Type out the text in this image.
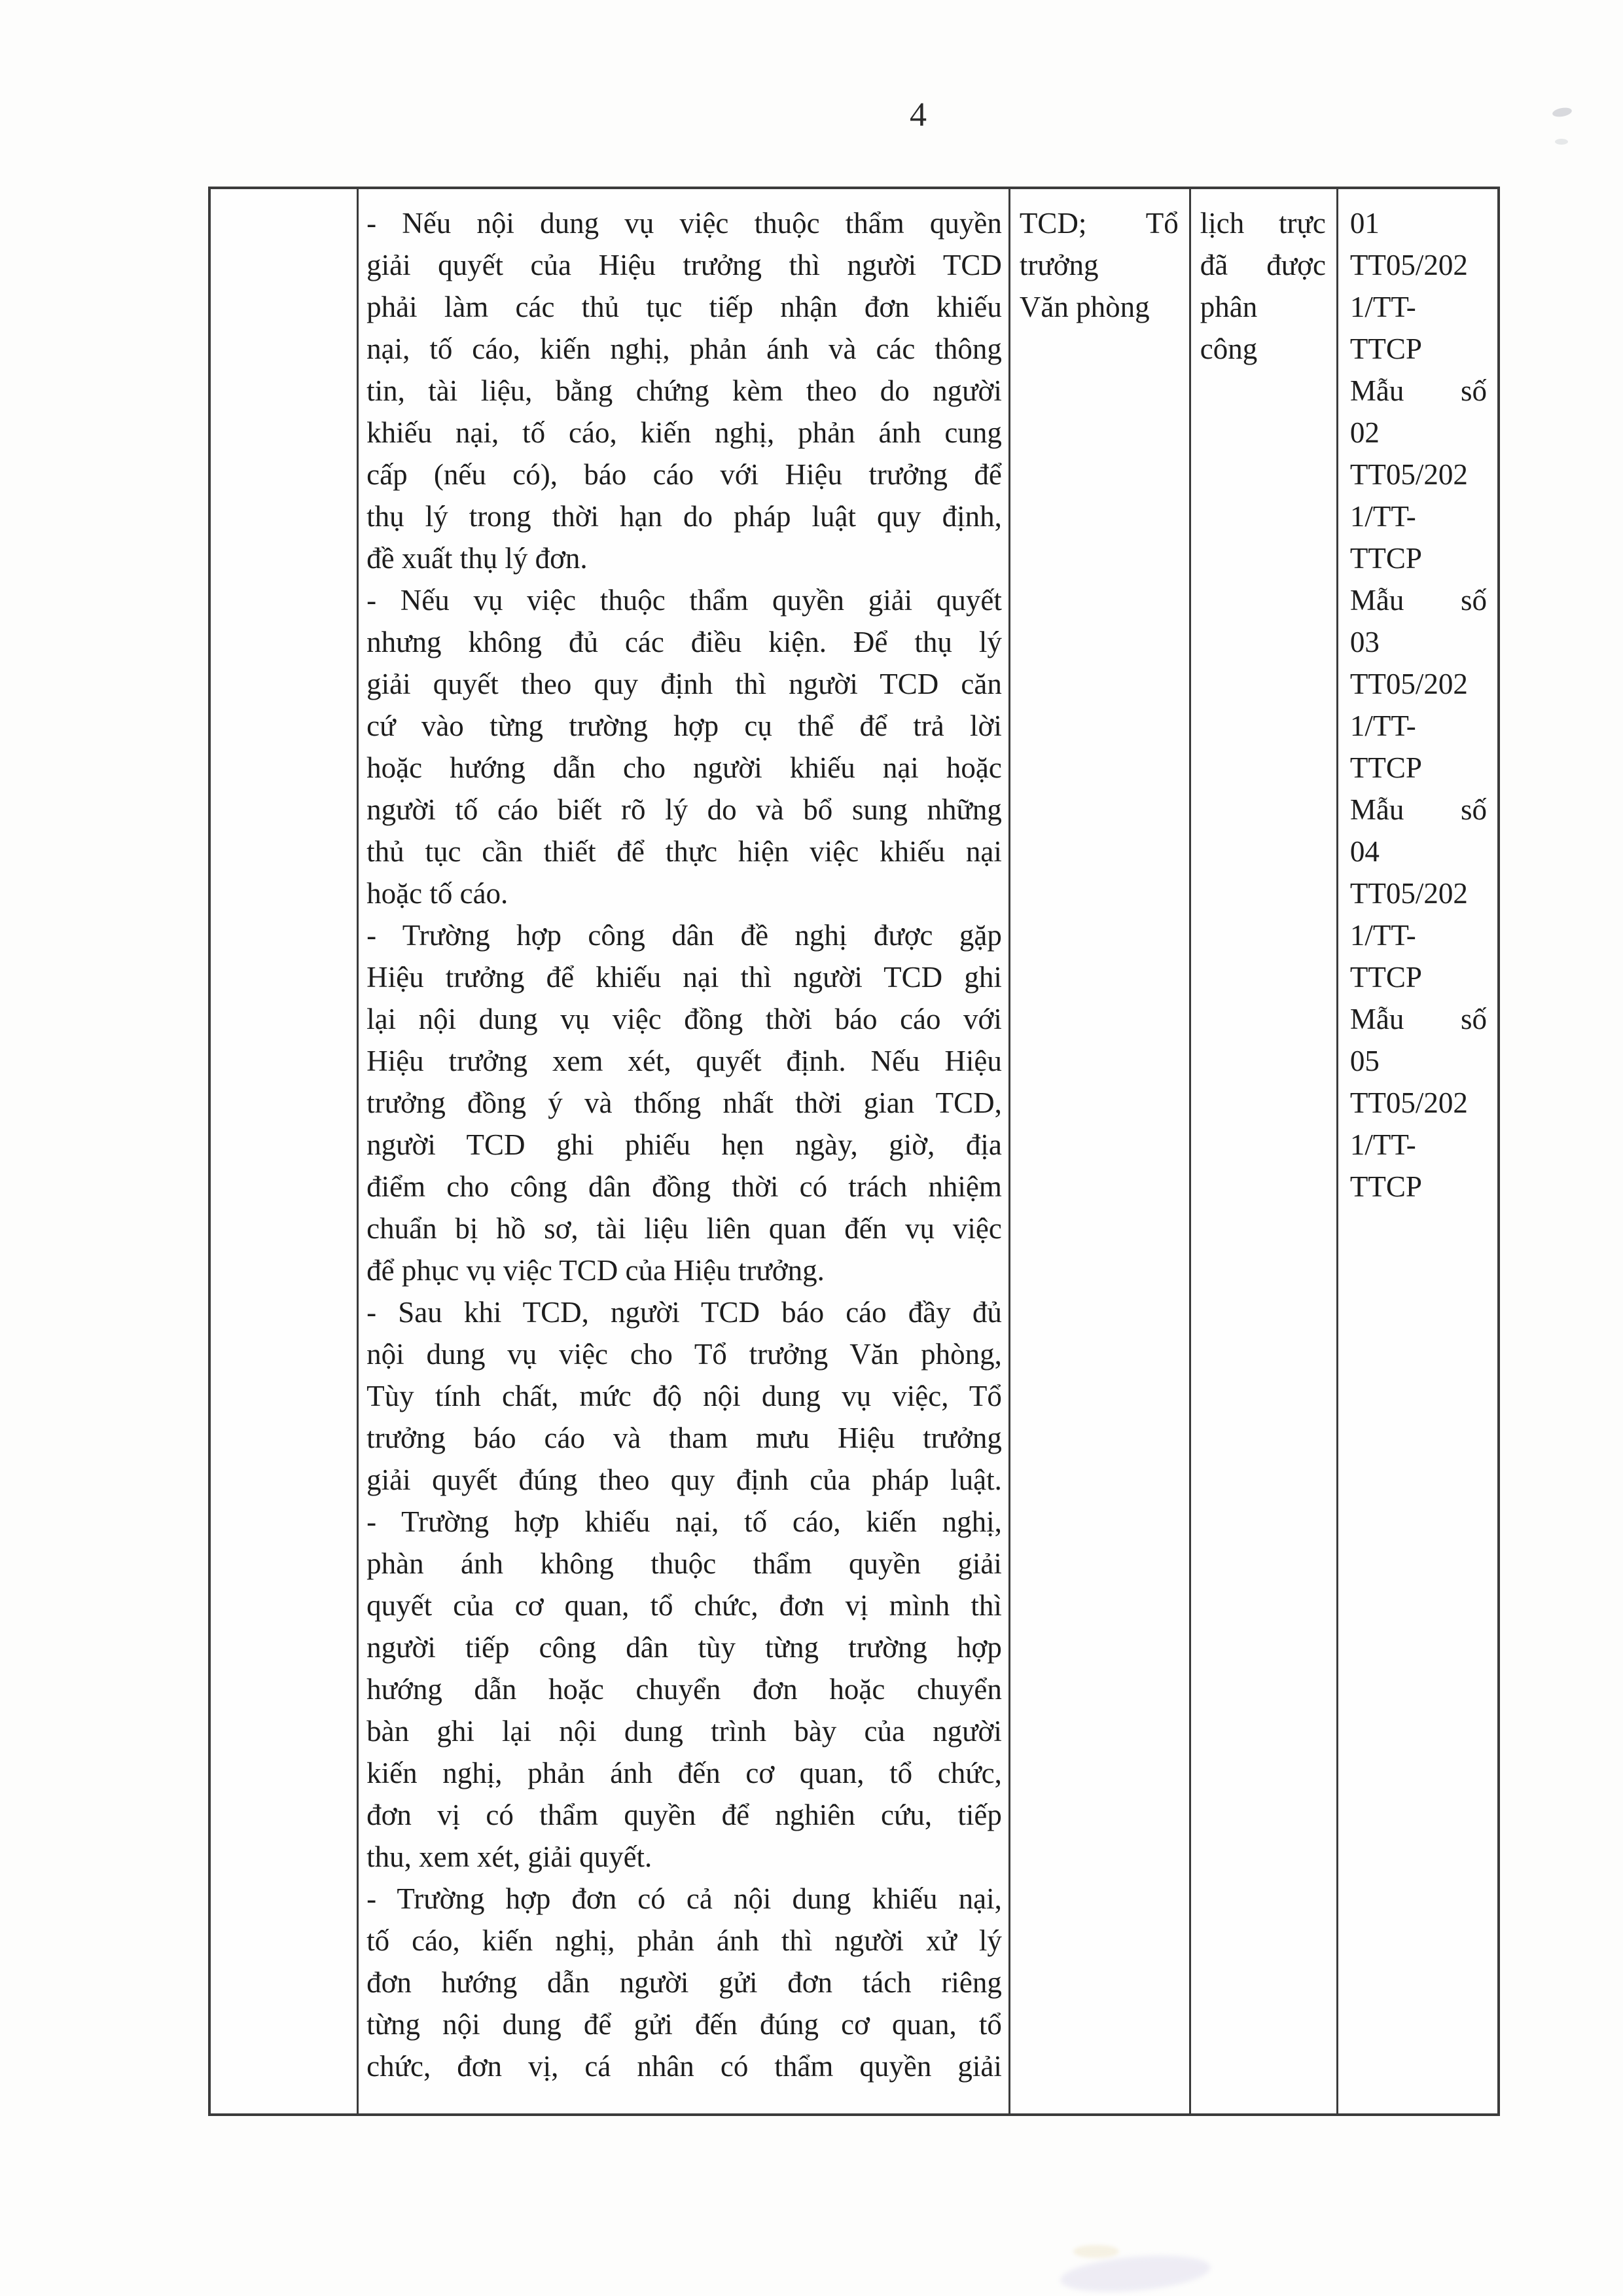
4
- Nếu nội dung vụ việc thuộc thẩm quyền
giải quyết của Hiệu trưởng thì người TCD
phải làm các thủ tục tiếp nhận đơn khiếu
nại, tố cáo, kiến nghị, phản ánh và các thông
tin, tài liệu, bằng chứng kèm theo do người
khiếu nại, tố cáo, kiến nghị, phản ánh cung
cấp (nếu có), báo cáo với Hiệu trưởng để
thụ lý trong thời hạn do pháp luật quy định,
đề xuất thụ lý đơn.
- Nếu vụ việc thuộc thẩm quyền giải quyết
nhưng không đủ các điều kiện. Để thụ lý
giải quyết theo quy định thì người TCD căn
cứ vào từng trường hợp cụ thể để trả lời
hoặc hướng dẫn cho người khiếu nại hoặc
người tố cáo biết rõ lý do và bổ sung những
thủ tục cần thiết để thực hiện việc khiếu nại
hoặc tố cáo.
- Trường hợp công dân đề nghị được gặp
Hiệu trưởng để khiếu nại thì người TCD ghi
lại nội dung vụ việc đồng thời báo cáo với
Hiệu trưởng xem xét, quyết định. Nếu Hiệu
trưởng đồng ý và thống nhất thời gian TCD,
người TCD ghi phiếu hẹn ngày, giờ, địa
điểm cho công dân đồng thời có trách nhiệm
chuẩn bị hồ sơ, tài liệu liên quan đến vụ việc
để phục vụ việc TCD của Hiệu trưởng.
- Sau khi TCD, người TCD báo cáo đầy đủ
nội dung vụ việc cho Tổ trưởng Văn phòng,
Tùy tính chất, mức độ nội dung vụ việc, Tổ
trưởng báo cáo và tham mưu Hiệu trưởng
giải quyết đúng theo quy định của pháp luật.
- Trường hợp khiếu nại, tố cáo, kiến nghị,
phàn ánh không thuộc thẩm quyền giải
quyết của cơ quan, tổ chức, đơn vị mình thì
người tiếp công dân tùy từng trường hợp
hướng dẫn hoặc chuyển đơn hoặc chuyển
bàn ghi lại nội dung trình bày của người
kiến nghị, phản ánh đến cơ quan, tổ chức,
đơn vị có thẩm quyền để nghiên cứu, tiếp
thu, xem xét, giải quyết.
- Trường hợp đơn có cả nội dung khiếu nại,
tố cáo, kiến nghị, phản ánh thì người xử lý
đơn hướng dẫn người gửi đơn tách riêng
từng nội dung để gửi đến đúng cơ quan, tổ
chức, đơn vị, cá nhân có thẩm quyền giải
TCD; Tổ
trưởng
Văn phòng
lịch trực
đã được
phân
công
01
TT05/202
1/TT-
TTCP
Mẫu số
02
TT05/202
1/TT-
TTCP
Mẫu số
03
TT05/202
1/TT-
TTCP
Mẫu số
04
TT05/202
1/TT-
TTCP
Mẫu số
05
TT05/202
1/TT-
TTCP
